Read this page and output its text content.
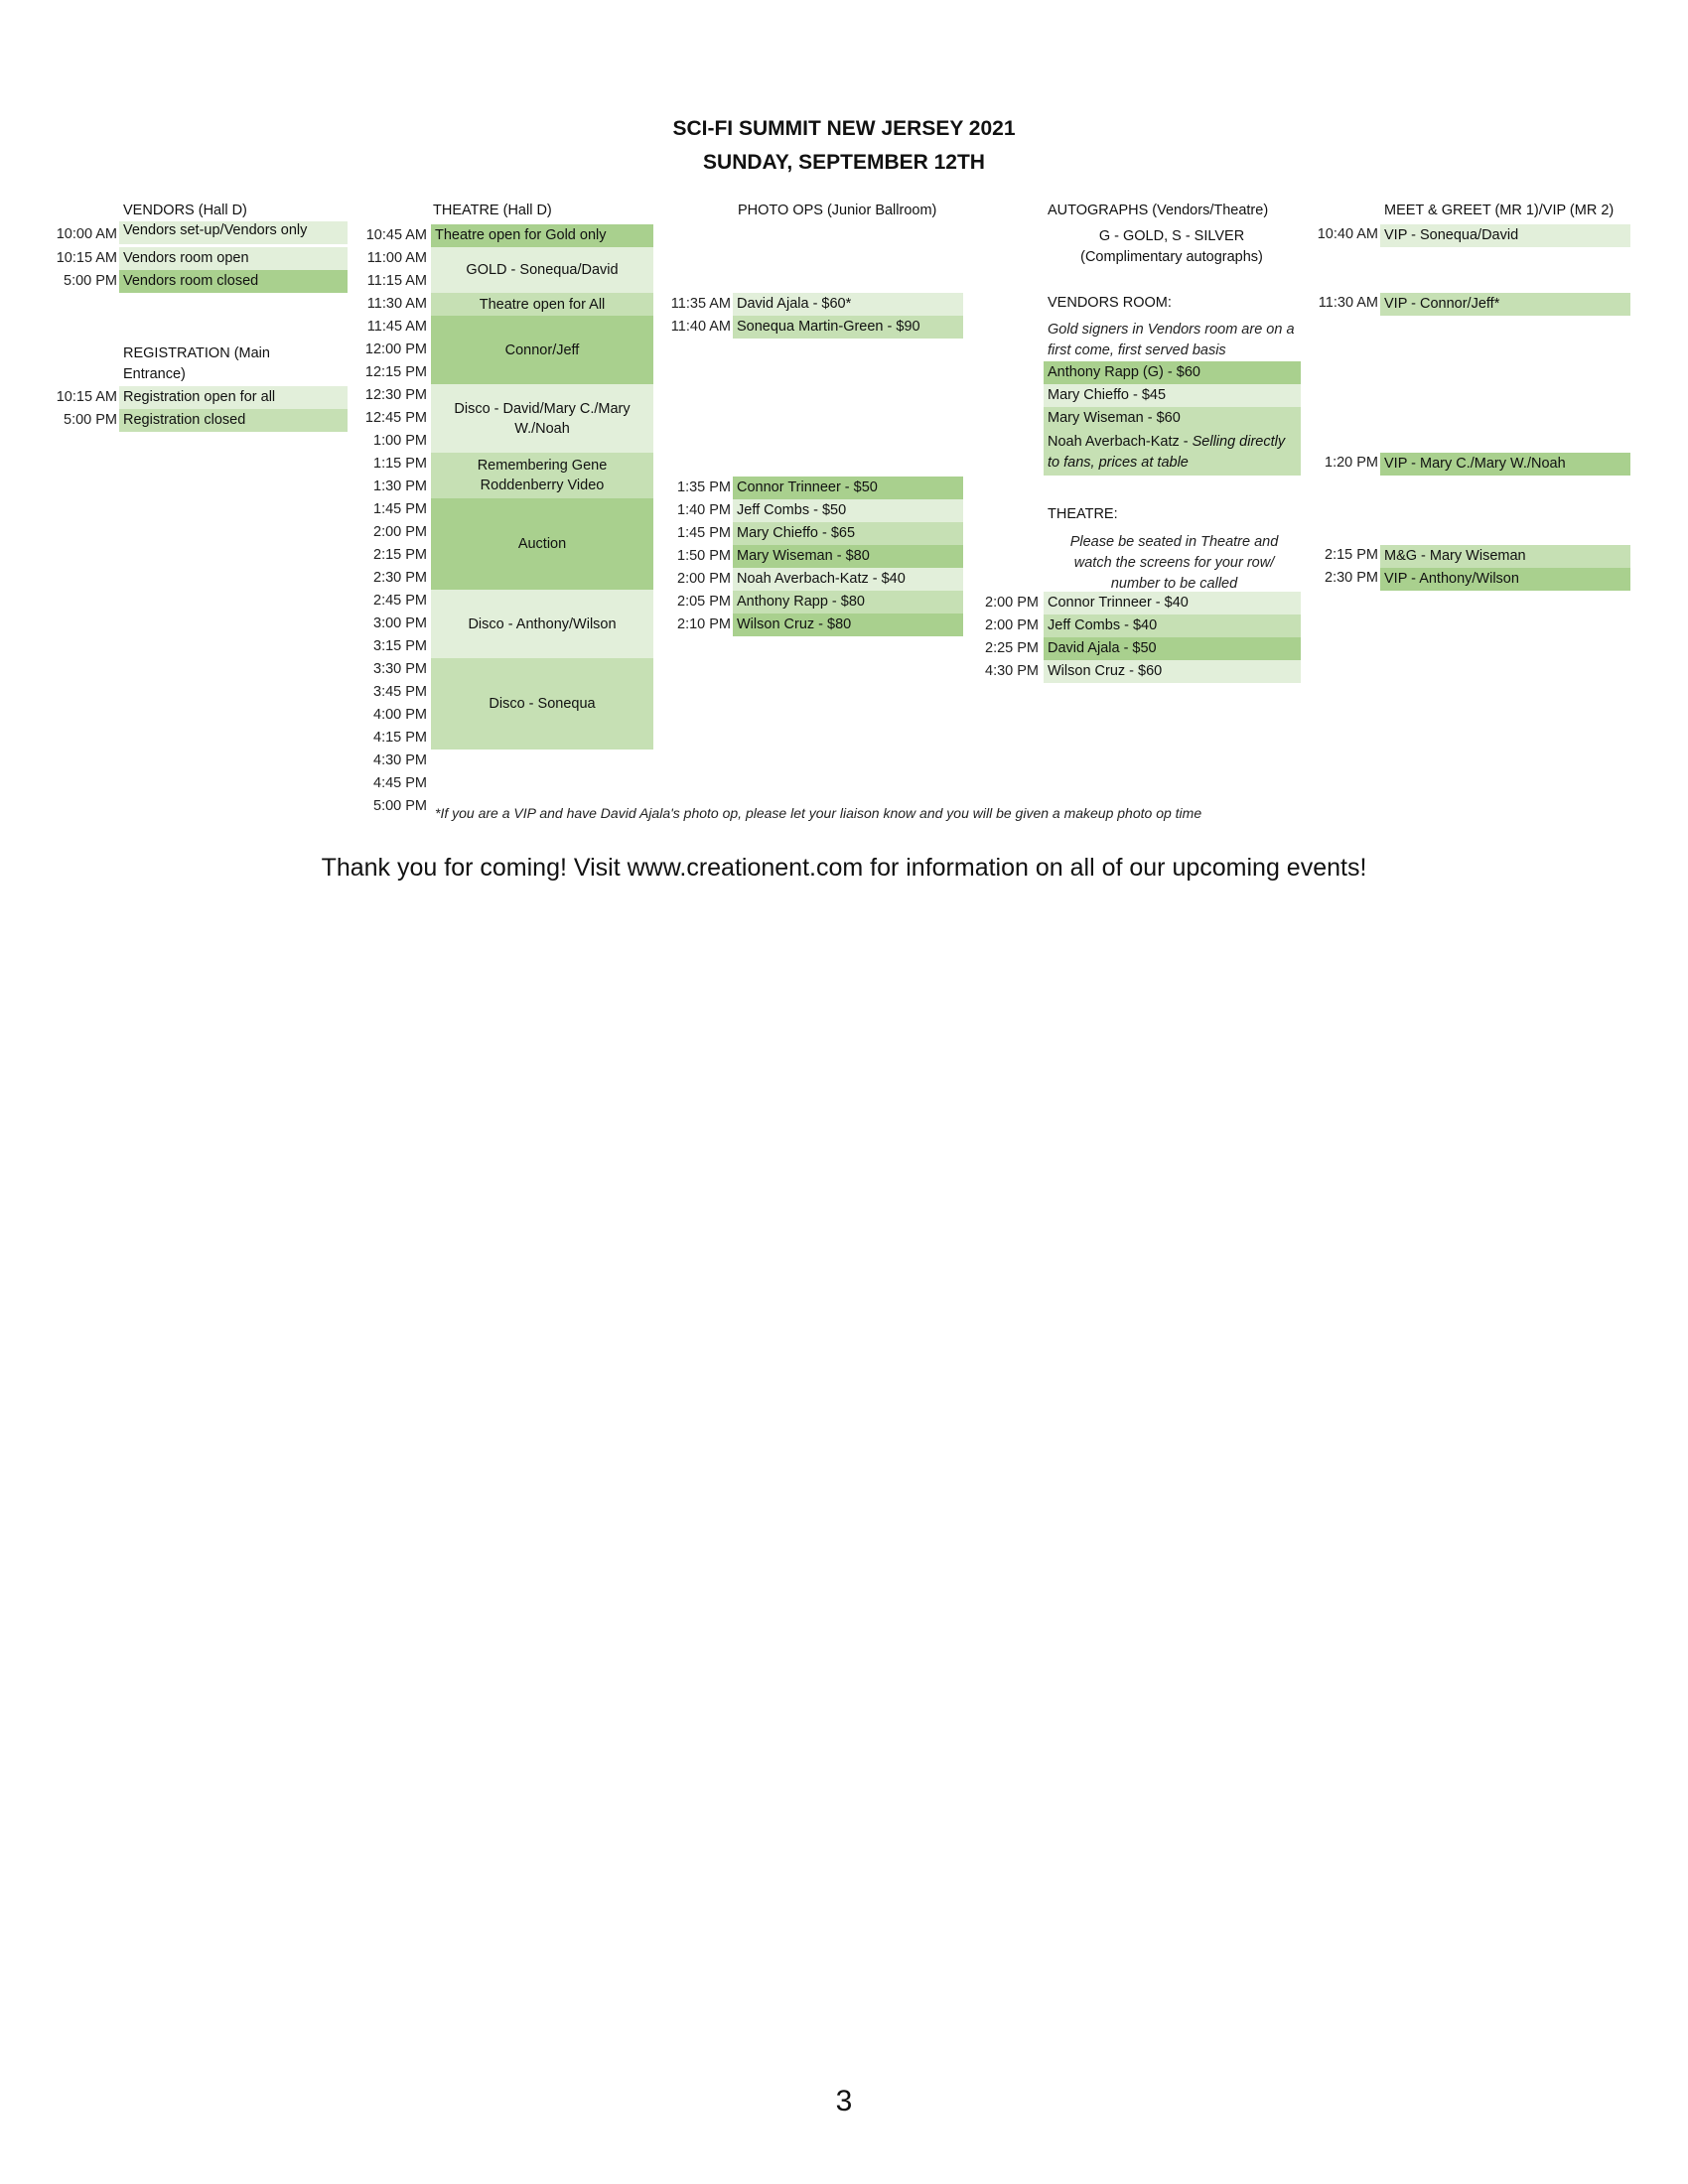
SCI-FI SUMMIT NEW JERSEY 2021
SUNDAY, SEPTEMBER 12TH
VENDORS (Hall D)
10:00 AM Vendors set-up/Vendors only
10:15 AM Vendors room open
5:00 PM Vendors room closed
REGISTRATION (Main Entrance)
10:15 AM Registration open for all
5:00 PM Registration closed
THEATRE (Hall D)
10:45 AM
11:00 AM
11:15 AM
11:30 AM
11:45 AM
12:00 PM
12:15 PM
12:30 PM
12:45 PM
1:00 PM
1:15 PM
1:30 PM
1:45 PM
2:00 PM
2:15 PM
2:30 PM
2:45 PM
3:00 PM
3:15 PM
3:30 PM
3:45 PM
4:00 PM
4:15 PM
4:30 PM
4:45 PM
5:00 PM
Theatre open for Gold only
GOLD - Sonequa/David
Theatre open for All
Connor/Jeff
Disco - David/Mary C./Mary W./Noah
Remembering Gene Roddenberry Video
Auction
Disco - Anthony/Wilson
Disco - Sonequa
PHOTO OPS (Junior Ballroom)
11:35 AM David Ajala - $60*
11:40 AM Sonequa Martin-Green - $90
1:35 PM Connor Trinneer - $50
1:40 PM Jeff Combs - $50
1:45 PM Mary Chieffo - $65
1:50 PM Mary Wiseman - $80
2:00 PM Noah Averbach-Katz - $40
2:05 PM Anthony Rapp - $80
2:10 PM Wilson Cruz - $80
AUTOGRAPHS (Vendors/Theatre)
G - GOLD, S - SILVER
(Complimentary autographs)
VENDORS ROOM:
Gold signers in Vendors room are on a first come, first served basis
Anthony Rapp (G) - $60
Mary Chieffo - $45
Mary Wiseman - $60
Noah Averbach-Katz - Selling directly to fans, prices at table
THEATRE:
Please be seated in Theatre and watch the screens for your row/ number to be called
2:00 PM Connor Trinneer - $40
2:00 PM Jeff Combs - $40
2:25 PM David Ajala - $50
4:30 PM Wilson Cruz - $60
MEET & GREET (MR 1)/VIP (MR 2)
10:40 AM VIP - Sonequa/David
11:30 AM VIP - Connor/Jeff*
1:20 PM VIP - Mary C./Mary W./Noah
2:15 PM M&G - Mary Wiseman
2:30 PM VIP - Anthony/Wilson
*If you are a VIP and have David Ajala's photo op, please let your liaison know and you will be given a makeup photo op time
Thank you for coming! Visit www.creationent.com for information on all of our upcoming events!
3
